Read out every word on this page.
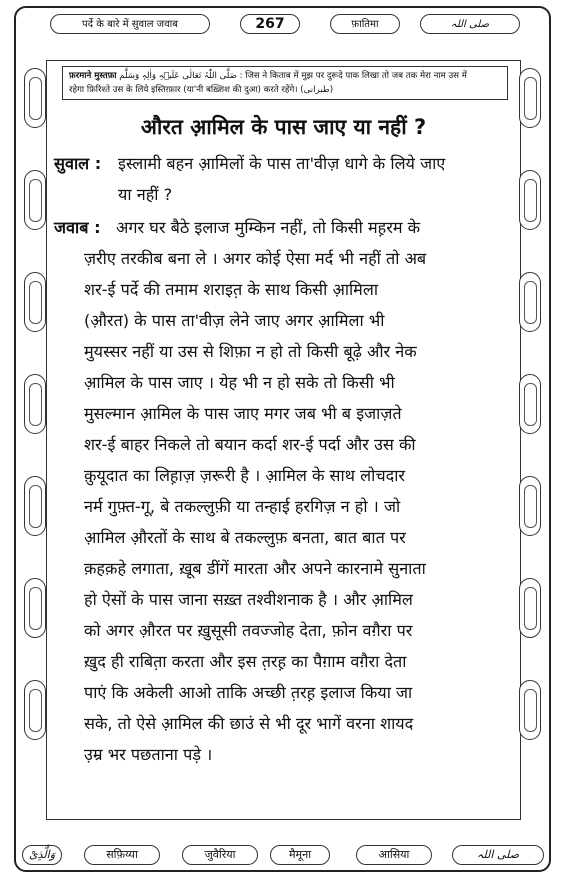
पर्दे के बारे में सुवाल जवाब	267	फ़ातिमा	صلی اللہ
फ़रमाने मुस्तफ़ा صَلَّی اللّٰہُ تَعَالٰی عَلَیۡہِ وَاٰلِہٖ وَسَلَّم : जिस ने किताब में मुझ पर दुरूदे पाक लिखा तो जब तक मेरा नाम उस में
रहेगा फ़िरिश्ते उस के लिये इस्तिग़्फ़ार (या'नी बख़्शिश की दुआ) करते रहेंगे। (طبرانی)
औरत आ़मिल के पास जाए या नहीं ?
सुवाल : इस्लामी बहन आ़मिलों के पास ता'वीज़ धागे के लिये जाए
या नहीं ?
जवाब : अगर घर बैठे इलाज मुम्किन नहीं, तो किसी मह़रम के
ज़रीए तरकीब बना ले । अगर कोई ऐसा मर्द भी नहीं तो अब
शर-ई पर्दे की तमाम शराइत़ के साथ किसी आ़मिला
(औ़रत) के पास ता'वीज़ लेने जाए अगर आ़मिला भी
मुयस्सर नहीं या उस से शिफ़ा न हो तो किसी बूढ़े और नेक
आ़मिल के पास जाए । येह भी न हो सके तो किसी भी
मुसल्मान आ़मिल के पास जाए मगर जब भी ब इजाज़ते
शर-ई बाहर निकले तो बयान कर्दा शर-ई पर्दा और उस की
क़ुयूदात का लिह़ाज़ ज़रूरी है । आ़मिल के साथ लोचदार
नर्म गुफ़्त-गू, बे तकल्लुफ़ी या तन्हाई हरगिज़ न हो । जो
आ़मिल औ़रतों के साथ बे तकल्लुफ़ बनता, बात बात पर
क़हक़हे लगाता, ख़ूब डींगें मारता और अपने कारनामे सुनाता
हो ऐसों के पास जाना सख़्त तश्वीशनाक है । और आ़मिल
को अगर औ़रत पर ख़ुसूसी तवज्जोह देता, फ़ोन वग़ैरा पर
ख़ुद ही राबित़ा करता और इस त़रह़ का पैग़ाम वग़ैरा देता
पाएं कि अकेली आओ ताकि अच्छी त़रह़ इलाज किया जा
सके, तो ऐसे आ़मिल की छाउं से भी दूर भागें वरना शायद
उ़म्र भर पछताना पड़े ।
وَالَّذِیْ	सफ़िय्या	जुवैरिया	मैमूना	आसिया	صلی اللہ
